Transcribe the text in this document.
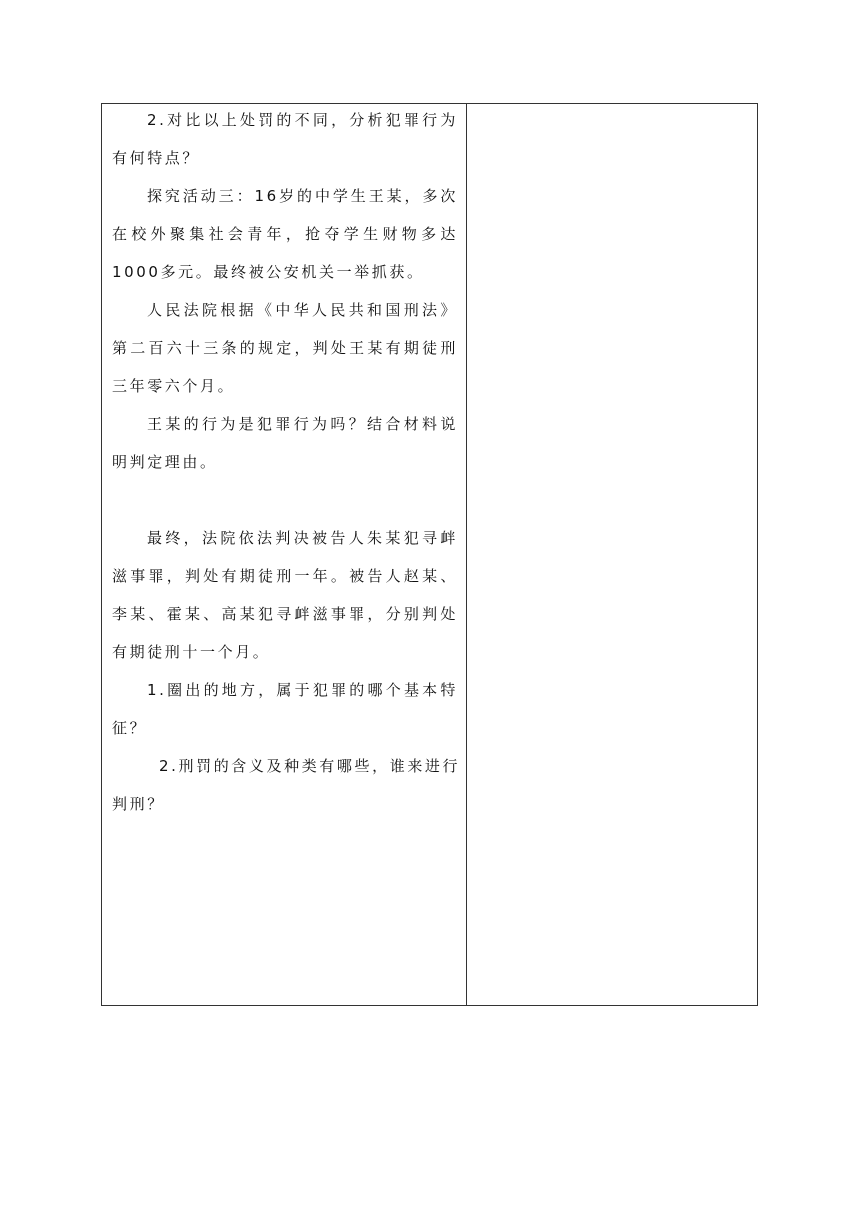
2.对比以上处罚的不同，分析犯罪行为
有何特点？
探究活动三：16岁的中学生王某，多次
在校外聚集社会青年，抢夺学生财物多达
1000多元。最终被公安机关一举抓获。
人民法院根据《中华人民共和国刑法》
第二百六十三条的规定，判处王某有期徒刑
三年零六个月。
王某的行为是犯罪行为吗？结合材料说
明判定理由。
最终，法院依法判决被告人朱某犯寻衅
滋事罪，判处有期徒刑一年。被告人赵某、
李某、霍某、高某犯寻衅滋事罪，分别判处
有期徒刑十一个月。
1.圈出的地方，属于犯罪的哪个基本特
征？
2.刑罚的含义及种类有哪些，谁来进行
判刑？
